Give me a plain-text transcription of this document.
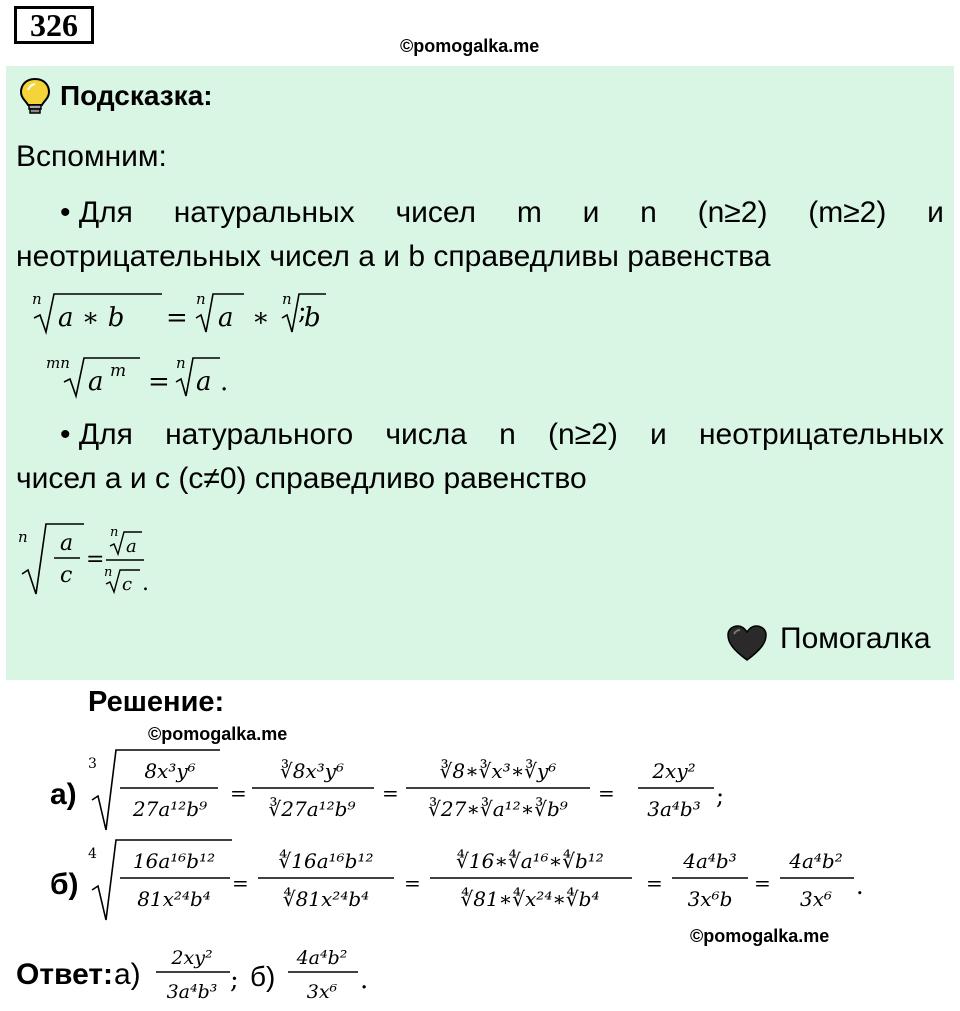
326
©pomogalka.me
Подсказка:
Вспомним:
• Для натуральных чисел m и n (n≥2) (m≥2) и
неотрицательных чисел a и b справедливы равенства
n
a ∗ b =
n
a ∗
n
b
;
mn
a m =
n
a .
• Для натурального числа n (n≥2) и неотрицательных
чисел a и c (c≠0) справедливо равенство
n a
c
=
n
a
n
c .
Помогалка
Решение:
©pomogalka.me
а)
3 8x³y⁶
27a¹²b⁹
=
∛8x³y⁶
∛27a¹²b⁹
=
∛8∗∛x³∗∛y⁶
∛27∗∛a¹²∗∛b⁹
=
2xy²
3a⁴b³ ;
б)
4 16a¹⁶b¹²
81x²⁴b⁴
=
∜16a¹⁶b¹²
∜81x²⁴b⁴
=
∜16∗∜a¹⁶∗∜b¹²
∜81∗∜x²⁴∗∜b⁴
=
4a⁴b³
3x⁶b
=
4a⁴b²
3x⁶ .
©pomogalka.me
Ответ: а) 2xy²
3a⁴b³ ; б)
4a⁴b²
3x⁶ .
